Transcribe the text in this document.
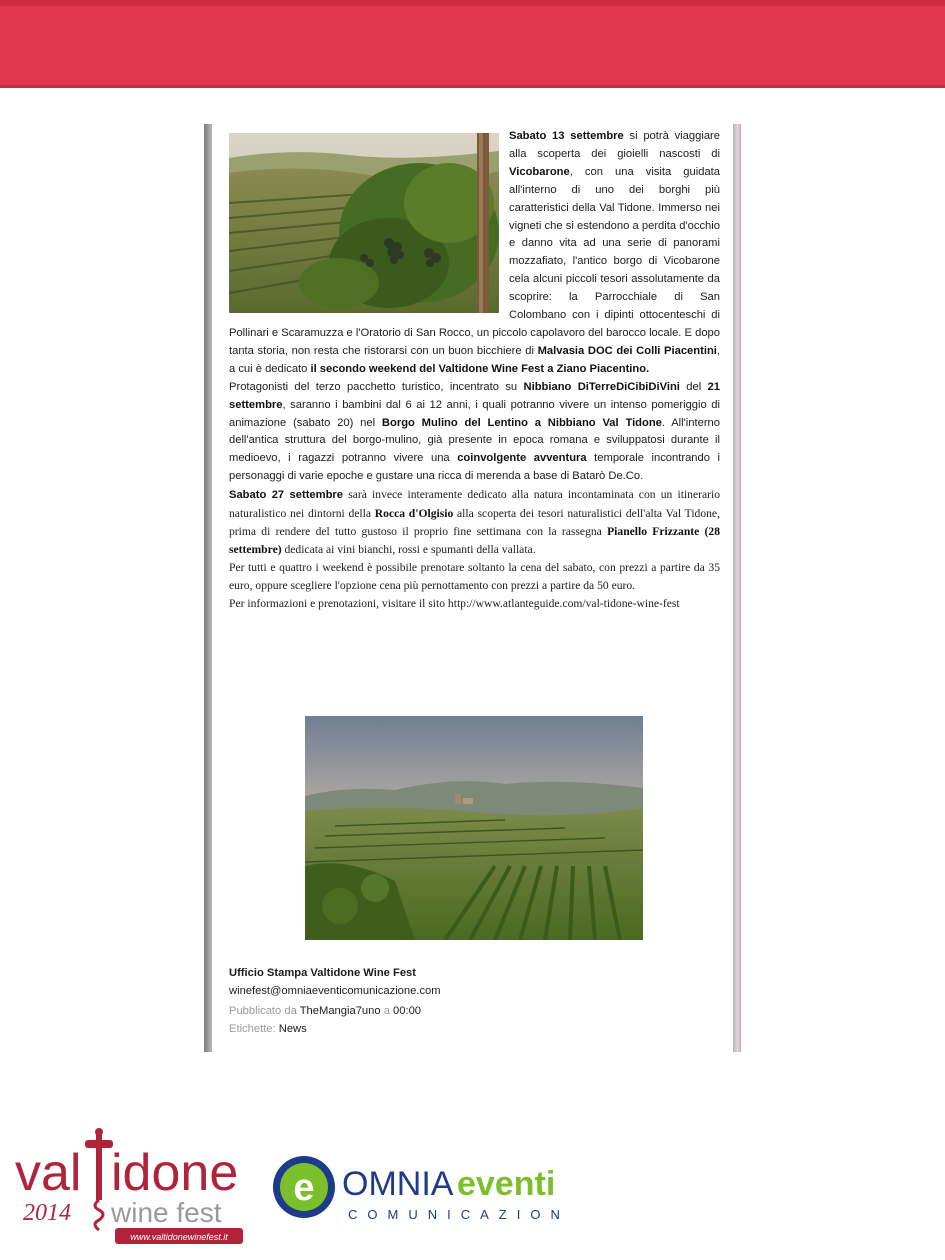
Sabato 13 settembre si potrà viaggiare alla scoperta dei gioielli nascosti di Vicobarone, con una visita guidata all'interno di uno dei borghi più caratteristici della Val Tidone. Immerso nei vigneti che si estendono a perdita d'occhio e danno vita ad una serie di panorami mozzafiato, l'antico borgo di Vicobarone cela alcuni piccoli tesori assolutamente da scoprire: la Parrocchiale di San Colombano con i dipinti ottocenteschi di Pollinari e Scaramuzza e l'Oratorio di San Rocco, un piccolo capolavoro del barocco locale. E dopo tanta storia, non resta che ristorarsi con un buon bicchiere di Malvasia DOC dei Colli Piacentini, a cui è dedicato il secondo weekend del Valtidone Wine Fest a Ziano Piacentino.

Protagonisti del terzo pacchetto turistico, incentrato su Nibbiano DiTerreDiCibiDiVini del 21 settembre, saranno i bambini dal 6 ai 12 anni, i quali potranno vivere un intenso pomeriggio di animazione (sabato 20) nel Borgo Mulino del Lentino a Nibbiano Val Tidone. All'interno dell'antica struttura del borgo-mulino, già presente in epoca romana e sviluppatosi durante il medioevo, i ragazzi potranno vivere una coinvolgente avventura temporale incontrando i personaggi di varie epoche e gustare una ricca di merenda a base di Batarò De.Co.

Sabato 27 settembre sarà invece interamente dedicato alla natura incontaminata con un itinerario naturalistico nei dintorni della Rocca d'Olgisio alla scoperta dei tesori naturalistici dell'alta Val Tidone, prima di rendere del tutto gustoso il proprio fine settimana con la rassegna Pianello Frizzante (28 settembre) dedicata ai vini bianchi, rossi e spumanti della vallata.

Per tutti e quattro i weekend è possibile prenotare soltanto la cena del sabato, con prezzi a partire da 35 euro, oppure scegliere l'opzione cena più pernottamento con prezzi a partire da 50 euro.

Per informazioni e prenotazioni, visitare il sito http://www.atlanteguide.com/val-tidone-wine-fest

Ufficio Stampa Valtidone Wine Fest
winefest@omniaeventicomunicazione.com
Pubblicato da TheMangia7uno a 00:00
Etichette: News
val idone
2014 wine fest
www.valtidonewinefest.it
e OMNIA eventi
COMUNICAZIONE
